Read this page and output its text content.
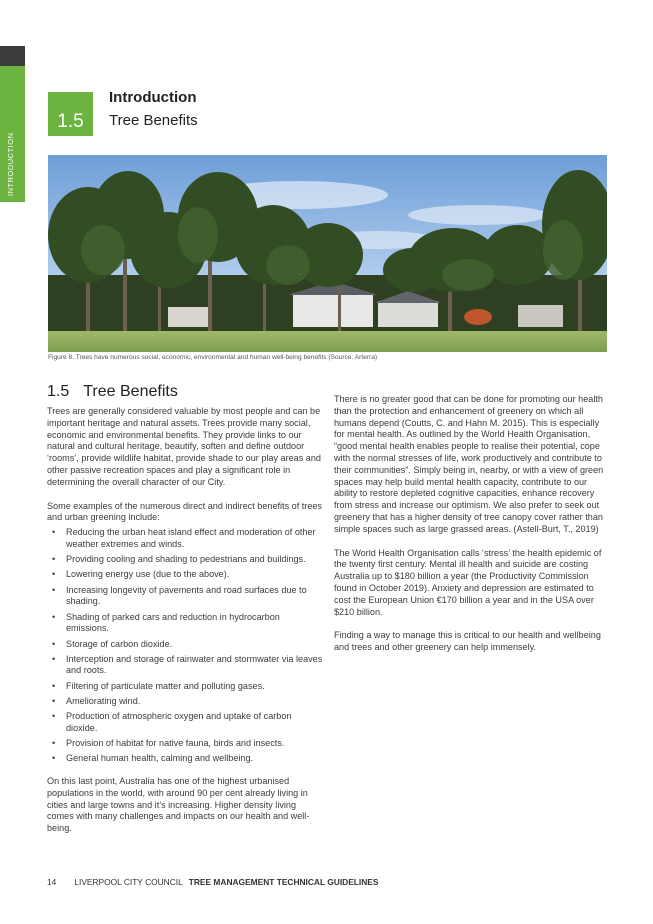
INTRODUCTION
1.5
Introduction
Tree Benefits
Figure 8. Trees have numerous social, economic, environmental and human well-being benefits (Source: Arterra)
1.5 Tree Benefits

Trees are generally considered valuable by most people and can be important heritage and natural assets. Trees provide many social, economic and environmental benefits. They provide links to our natural and cultural heritage, beautify, soften and define outdoor ‘rooms’, provide wildlife habitat, provide shade to our play areas and other passive recreation spaces and play a significant role in determining the overall character of our City.

Some examples of the numerous direct and indirect benefits of trees and urban greening include:

• Reducing the urban heat island effect and moderation of other weather extremes and winds.
• Providing cooling and shading to pedestrians and buildings.
• Lowering energy use (due to the above).
• Increasing longevity of pavements and road surfaces due to shading.
• Shading of parked cars and reduction in hydrocarbon emissions.
• Storage of carbon dioxide.
• Interception and storage of rainwater and stormwater via leaves and roots.
• Filtering of particulate matter and polluting gases.
• Ameliorating wind.
• Production of atmospheric oxygen and uptake of carbon dioxide.
• Provision of habitat for native fauna, birds and insects.
• General human health, calming and wellbeing.

On this last point, Australia has one of the highest urbanised populations in the world, with around 90 per cent already living in cities and large towns and it’s increasing. Higher density living comes with many challenges and impacts on our health and well-being.

There is no greater good that can be done for promoting our health than the protection and enhancement of greenery on which all humans depend (Coutts, C. and Hahn M. 2015). This is especially for mental health. As outlined by the World Health Organisation, “good mental health enables people to realise their potential, cope with the normal stresses of life, work productively and contribute to their communities”. Simply being in, nearby, or with a view of green spaces may help build mental health capacity, contribute to our ability to restore depleted cognitive capacities, enhance recovery from stress and increase our optimism. We also prefer to seek out greenery that has a higher density of tree canopy cover rather than simple spaces such as large grassed areas. (Astell-Burt, T., 2019)

The World Health Organisation calls ‘stress’ the health epidemic of the twenty first century. Mental ill health and suicide are costing Australia up to $180 billion a year (the Productivity Commission found in October 2019). Anxiety and depression are estimated to cost the European Union €170 billion a year and in the USA over $210 billion.

Finding a way to manage this is critical to our health and wellbeing and trees and other greenery can help immensely.

14 LIVERPOOL CITY COUNCIL TREE MANAGEMENT TECHNICAL GUIDELINES
